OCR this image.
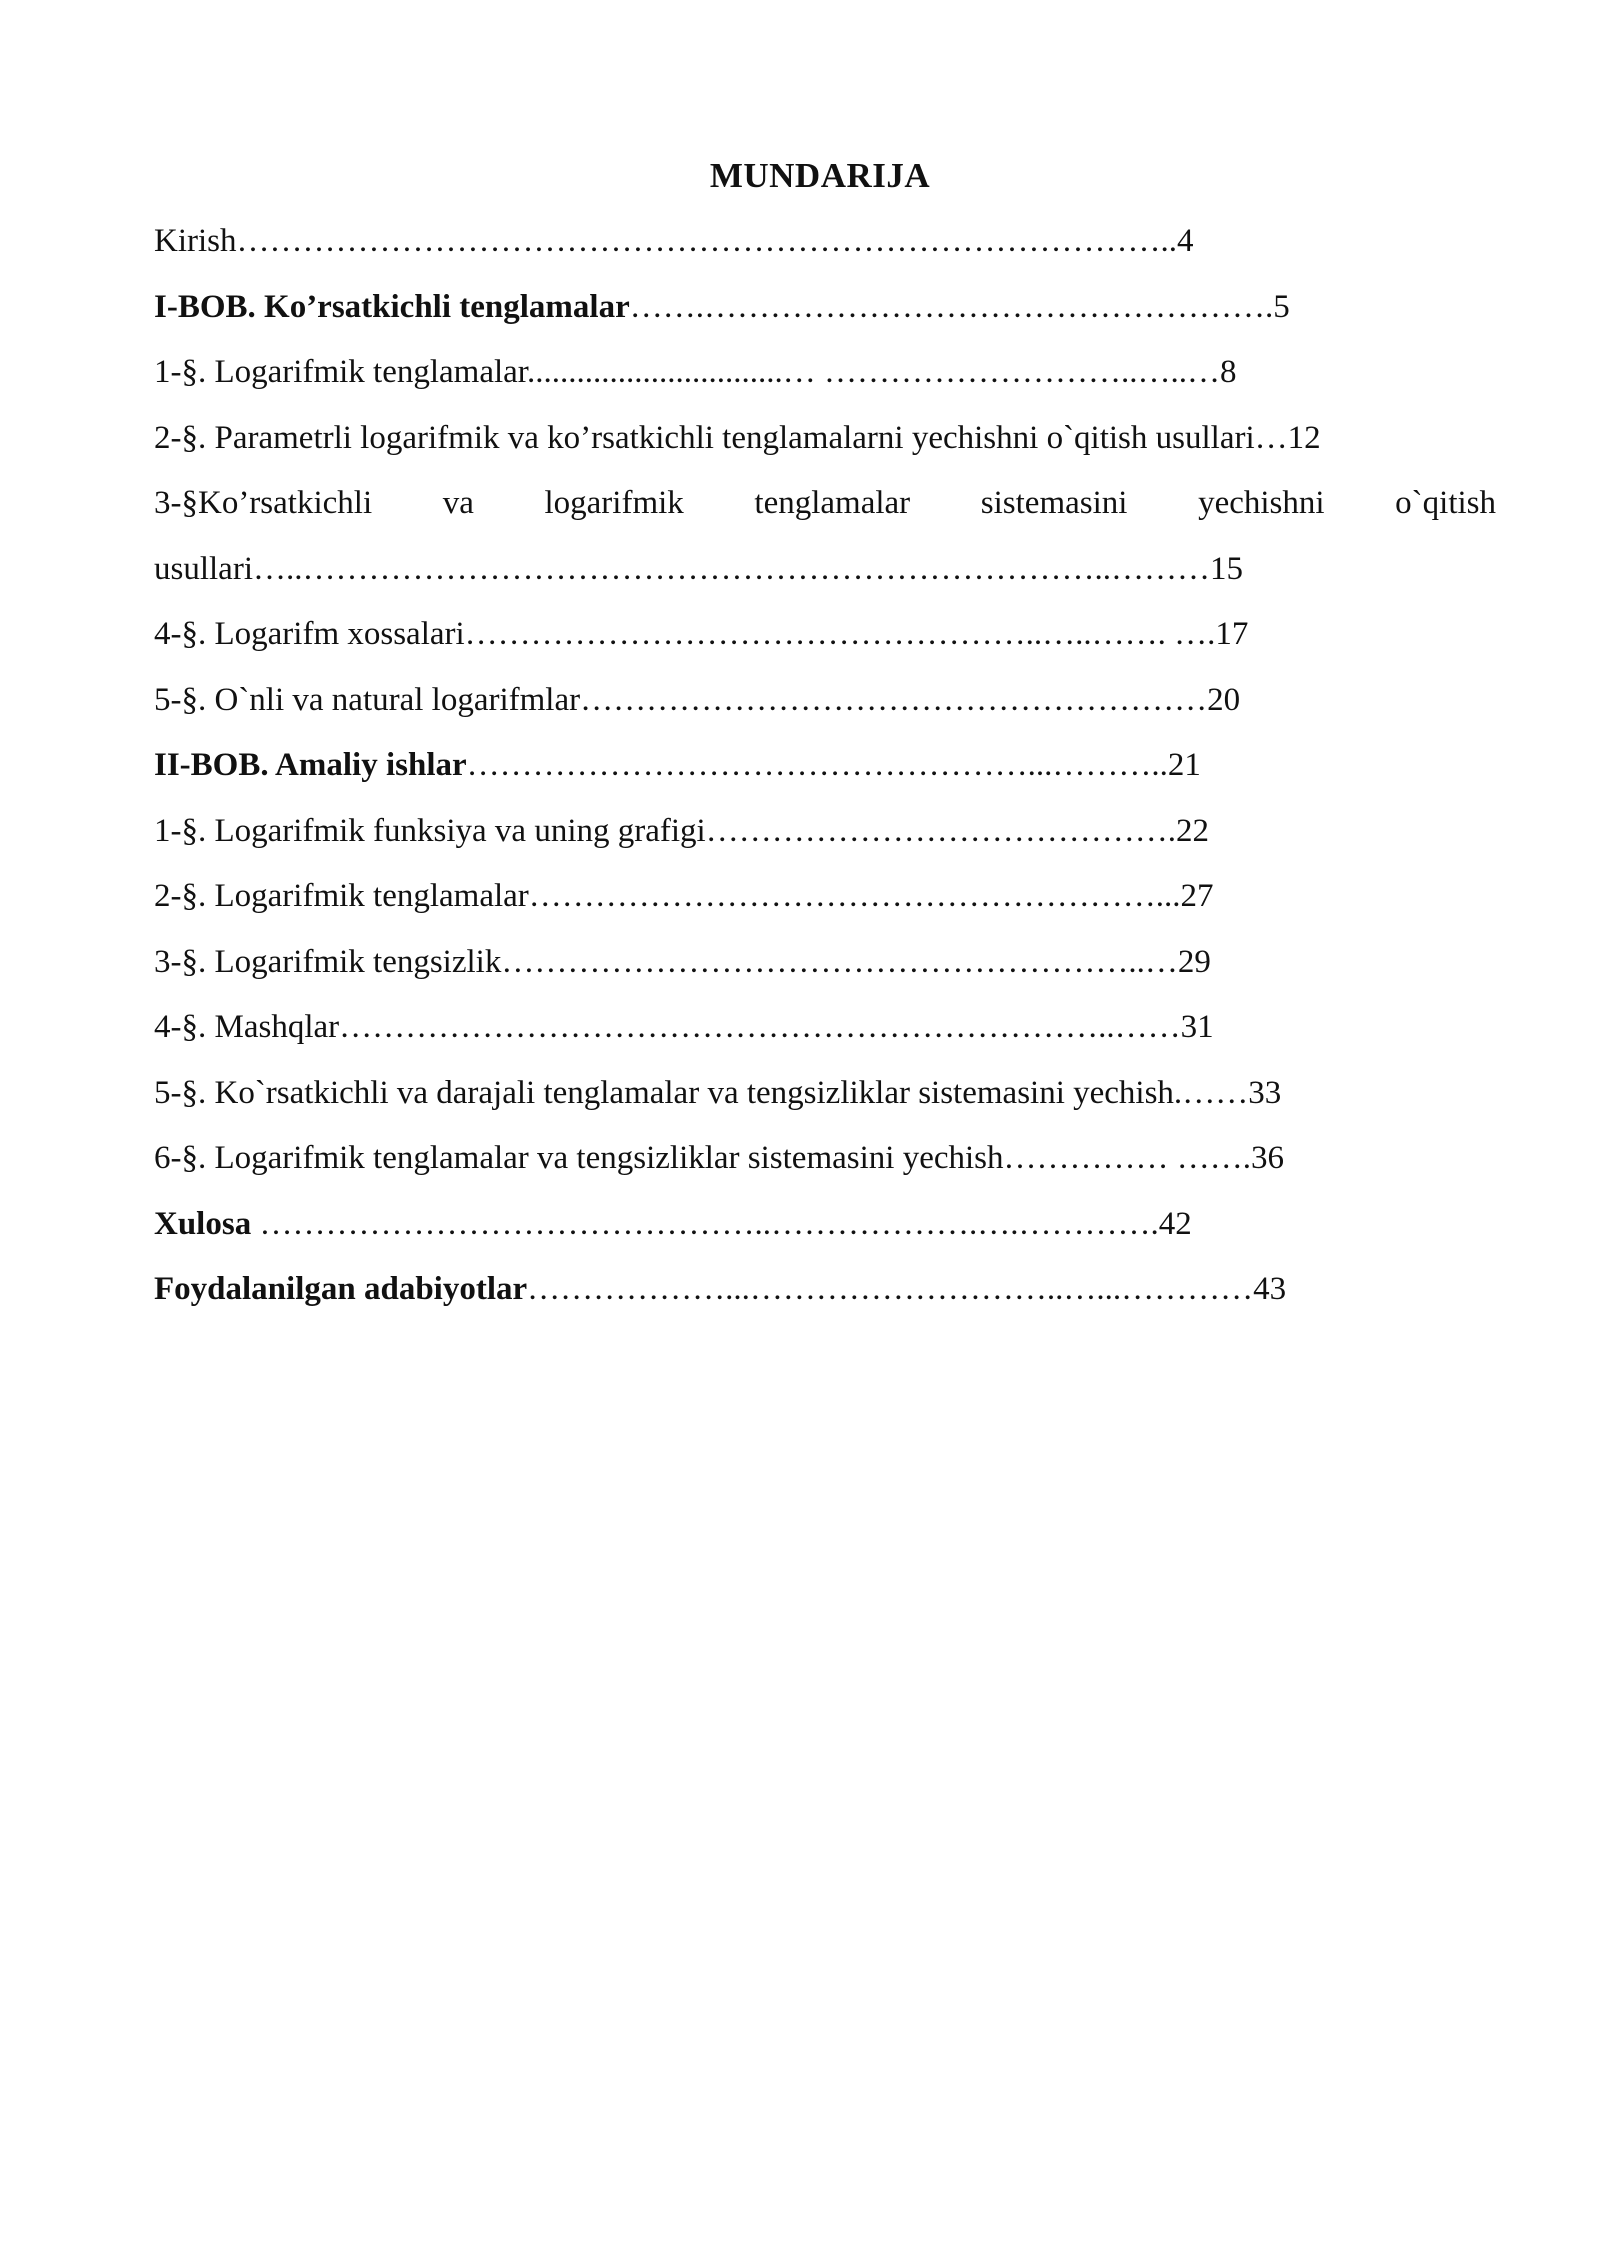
MUNDARIJA
Kirish…………………………………………………………………………..4
I-BOB. Ko’rsatkichli tenglamalar…….…………………………………………….5
1-§. Logarifmik tenglamalar...............................… ………………………..…..…8
2-§. Parametrli logarifmik va ko’rsatkichli tenglamalarni yechishni o`qitish usullari…12
3-§Ko’rsatkichli va logarifmik tenglamalar sistemasini yechishni o`qitish
usullari…..………………………………………………………………..………15
4-§. Logarifm xossalari……………………………………………..…..……. ….17
5-§. O`nli va natural logarifmlar…………………………………………………20
II-BOB. Amaliy ishlar……………………………………………...………..21
1-§. Logarifmik funksiya va uning grafigi…………………………………….22
2-§. Logarifmik tenglamalar…………………………………………………...27
3-§. Logarifmik tengsizlik…………………………………………………..…29
4-§. Mashqlar……………………………………………………………..……31
5-§. Ko`rsatkichli va darajali tenglamalar va tengsizliklar sistemasini yechish.……33
6-§. Logarifmik tenglamalar va tengsizliklar sistemasini yechish…………… …….36
Xulosa ………………………………………..……………….….………….42
Foydalanilgan adabiyotlar………………...………………………..…...…………43
